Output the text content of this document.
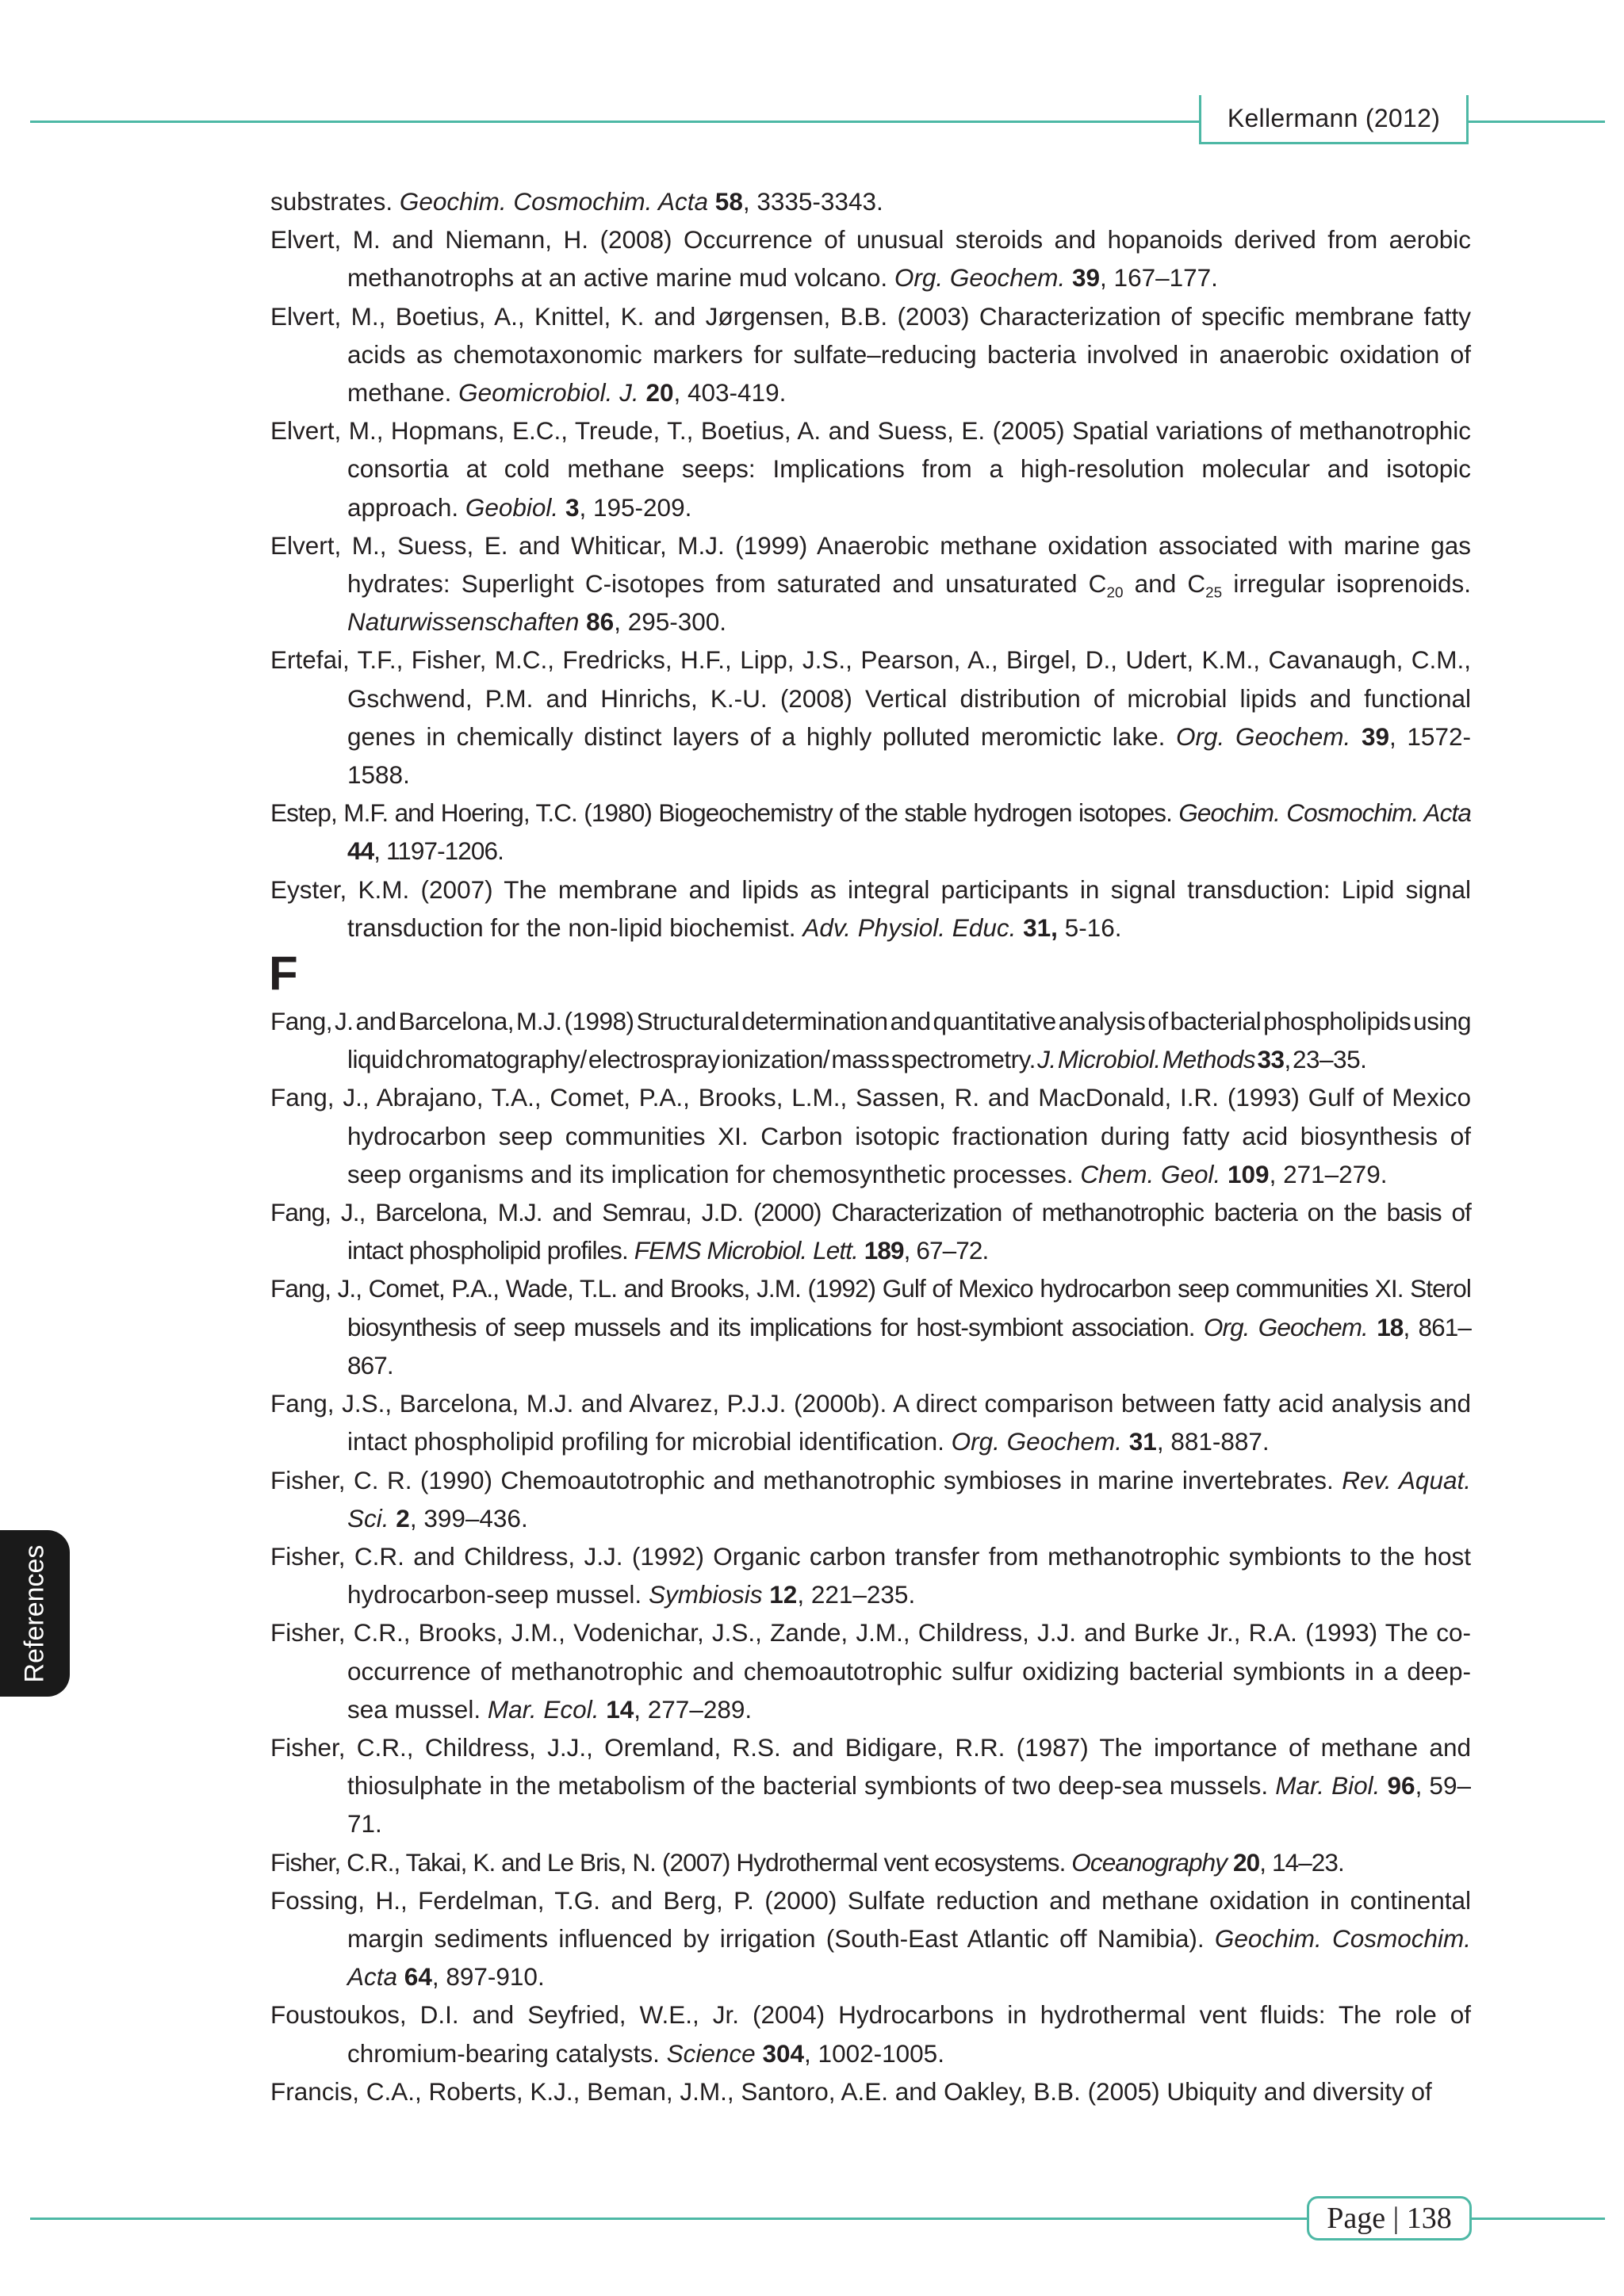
Kellermann (2012)

substrates. Geochim. Cosmochim. Acta 58, 3335-3343.

Elvert, M. and Niemann, H. (2008) Occurrence of unusual steroids and hopanoids derived from aerobic methanotrophs at an active marine mud volcano. Org. Geochem. 39, 167–177.

Elvert, M., Boetius, A., Knittel, K. and Jørgensen, B.B. (2003) Characterization of specific membrane fatty acids as chemotaxonomic markers for sulfate–reducing bacteria involved in anaerobic oxidation of methane. Geomicrobiol. J. 20, 403-419.

Elvert, M., Hopmans, E.C., Treude, T., Boetius, A. and Suess, E. (2005) Spatial variations of methanotrophic consortia at cold methane seeps: Implications from a high-resolution molecular and isotopic approach. Geobiol. 3, 195-209.

Elvert, M., Suess, E. and Whiticar, M.J. (1999) Anaerobic methane oxidation associated with marine gas hydrates: Superlight C-isotopes from saturated and unsaturated $C_{20}$ and $C_{25}$ irregular isoprenoids. Naturwissenschaften 86, 295-300.

Ertefai, T.F., Fisher, M.C., Fredricks, H.F., Lipp, J.S., Pearson, A., Birgel, D., Udert, K.M., Cavanaugh, C.M., Gschwend, P.M. and Hinrichs, K.-U. (2008) Vertical distribution of microbial lipids and functional genes in chemically distinct layers of a highly polluted meromictic lake. Org. Geochem. 39, 1572-1588.

Estep, M.F. and Hoering, T.C. (1980) Biogeochemistry of the stable hydrogen isotopes. Geochim. Cosmochim. Acta 44, 1197-1206.

Eyster, K.M. (2007) The membrane and lipids as integral participants in signal transduction: Lipid signal transduction for the non-lipid biochemist. Adv. Physiol. Educ. 31, 5-16.

F

Fang, J. and Barcelona, M.J. (1998) Structural determination and quantitative analysis of bacterial phospholipids using liquid chromatography/ electrospray ionization/ mass spectrometry. J. Microbiol. Methods 33, 23–35.

Fang, J., Abrajano, T.A., Comet, P.A., Brooks, L.M., Sassen, R. and MacDonald, I.R. (1993) Gulf of Mexico hydrocarbon seep communities XI. Carbon isotopic fractionation during fatty acid biosynthesis of seep organisms and its implication for chemosynthetic processes. Chem. Geol. 109, 271–279.

Fang, J., Barcelona, M.J. and Semrau, J.D. (2000) Characterization of methanotrophic bacteria on the basis of intact phospholipid profiles. FEMS Microbiol. Lett. 189, 67–72.

Fang, J., Comet, P.A., Wade, T.L. and Brooks, J.M. (1992) Gulf of Mexico hydrocarbon seep communities XI. Sterol biosynthesis of seep mussels and its implications for host-symbiont association. Org. Geochem. 18, 861–867.

Fang, J.S., Barcelona, M.J. and Alvarez, P.J.J. (2000b). A direct comparison between fatty acid analysis and intact phospholipid profiling for microbial identification. Org. Geochem. 31, 881-887.

Fisher, C. R. (1990) Chemoautotrophic and methanotrophic symbioses in marine invertebrates. Rev. Aquat. Sci. 2, 399–436.

Fisher, C.R. and Childress, J.J. (1992) Organic carbon transfer from methanotrophic symbionts to the host hydrocarbon-seep mussel. Symbiosis 12, 221–235.

Fisher, C.R., Brooks, J.M., Vodenichar, J.S., Zande, J.M., Childress, J.J. and Burke Jr., R.A. (1993) The co-occurrence of methanotrophic and chemoautotrophic sulfur oxidizing bacterial symbionts in a deep-sea mussel. Mar. Ecol. 14, 277–289.

Fisher, C.R., Childress, J.J., Oremland, R.S. and Bidigare, R.R. (1987) The importance of methane and thiosulphate in the metabolism of the bacterial symbionts of two deep-sea mussels. Mar. Biol. 96, 59–71.

Fisher, C.R., Takai, K. and Le Bris, N. (2007) Hydrothermal vent ecosystems. Oceanography 20, 14–23.

Fossing, H., Ferdelman, T.G. and Berg, P. (2000) Sulfate reduction and methane oxidation in continental margin sediments influenced by irrigation (South-East Atlantic off Namibia). Geochim. Cosmochim. Acta 64, 897-910.

Foustoukos, D.I. and Seyfried, W.E., Jr. (2004) Hydrocarbons in hydrothermal vent fluids: The role of chromium-bearing catalysts. Science 304, 1002-1005.

Francis, C.A., Roberts, K.J., Beman, J.M., Santoro, A.E. and Oakley, B.B. (2005) Ubiquity and diversity of

References
Page | 138
